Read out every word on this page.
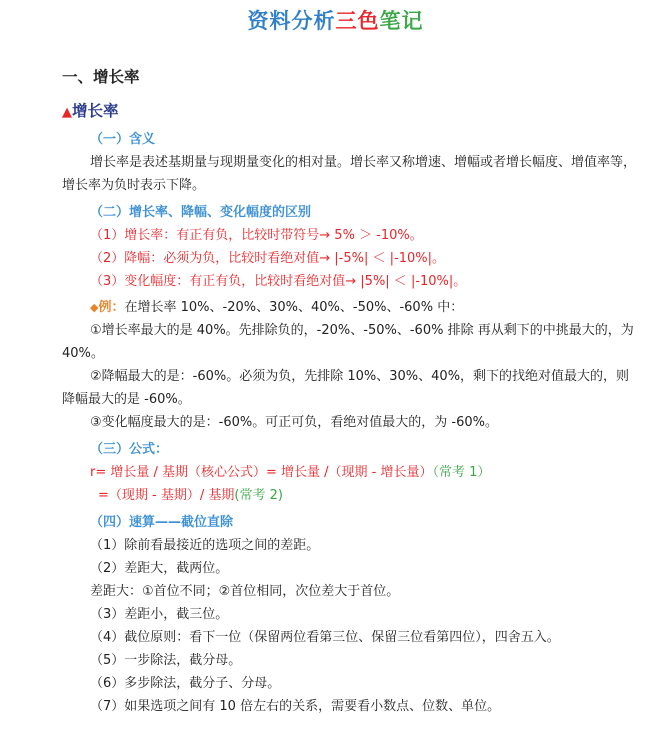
资料分析三色笔记
一、增长率
▲增长率
（一）含义
增长率是表述基期量与现期量变化的相对量。增长率又称增速、增幅或者增长幅度、增值率等，增长率为负时表示下降。
（二）增长率、降幅、变化幅度的区别
（1）增长率：有正有负，比较时带符号→ 5% ＞ -10%。
（2）降幅：必须为负，比较时看绝对值→ |-5%| ＜ |-10%|。
（3）变化幅度：有正有负，比较时看绝对值→ |5%| ＜ |-10%|。
◆例：在增长率 10%、-20%、30%、40%、-50%、-60% 中：
①增长率最大的是 40%。先排除负的，-20%、-50%、-60% 排除 再从剩下的中挑最大的，为 40%。
②降幅最大的是：-60%。必须为负，先排除 10%、30%、40%，剩下的找绝对值最大的，则降幅最大的是 -60%。
③变化幅度最大的是：-60%。可正可负，看绝对值最大的，为 -60%。
（三）公式：
r= 增长量 / 基期（核心公式）= 增长量 /（现期 - 增长量）（常考 1）
=（现期 - 基期）/ 基期(常考 2)
（四）速算——截位直除
（1）除前看最接近的选项之间的差距。
（2）差距大，截两位。
差距大：①首位不同；②首位相同，次位差大于首位。
（3）差距小，截三位。
（4）截位原则：看下一位（保留两位看第三位、保留三位看第四位），四舍五入。
（5）一步除法，截分母。
（6）多步除法，截分子、分母。
（7）如果选项之间有 10 倍左右的关系，需要看小数点、位数、单位。
